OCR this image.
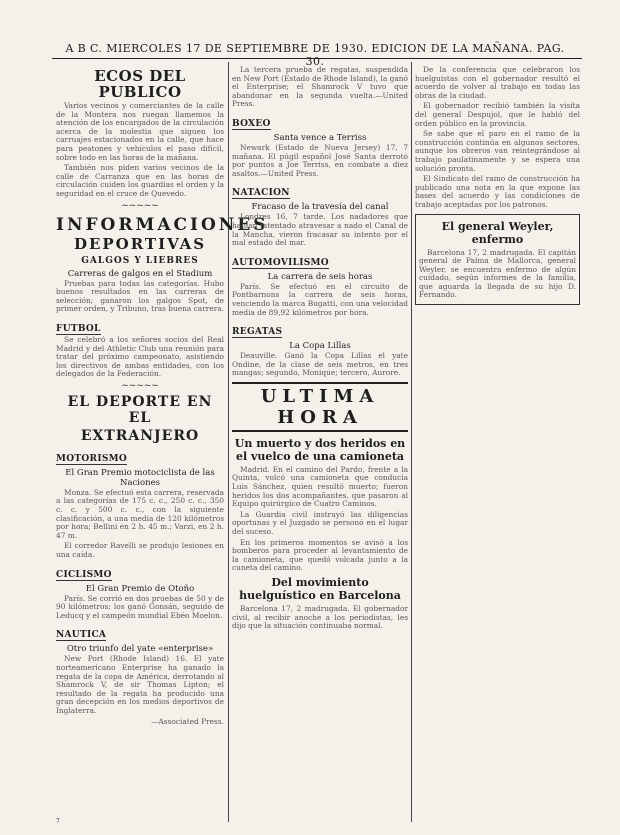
A B C. MIERCOLES 17 DE SEPTIEMBRE DE 1930. EDICION DE LA MAÑANA. PAG. 30.
ECOS DEL PUBLICO
Varios vecinos y comerciantes de la calle de la Montera nos ruegan llamemos la atención de los encargados de la circulación acerca de la molestia que siguen los carruajes estacionados en la calle, que hace para peatones y vehículos el paso difícil, sobre todo en las horas de la mañana.
También nos piden varios vecinos de la calle de Carranza que en las horas de circulación cuiden los guardias el orden y la seguridad en el cruce de Quevedo.
~~~~~
INFORMACIONES
DEPORTIVAS
GALGOS Y LIEBRES
Carreras de galgos en el Stadium
Pruebas para todas las categorías. Hubo buenos resultados en las carreras de selección; ganaron los galgos Spot, de primer orden, y Tribuno, tras buena carrera.
FUTBOL
Se celebró a los señores socios del Real Madrid y del Athletic Club una reunión para tratar del próximo campeonato, asistiendo los directivos de ambas entidades, con los delegados de la Federación.
~~~~~
EL DEPORTE EN EL
EXTRANJERO
MOTORISMO
El Gran Premio motociclista de las Naciones
Monza. Se efectuó esta carrera, reservada a las categorías de 175 c. c., 250 c. c., 350 c. c. y 500 c. c., con la siguiente clasificación, a una media de 120 kilómetros por hora; Bellini en 2 h. 45 m.; Varzi, en 2 h. 47 m.
El corredor Ravelli se produjo lesiones en una caída.
CICLISMO
El Gran Premio de Otoño
París. Se corrió en dos pruebas de 50 y de 90 kilómetros; los ganó Gonsán, seguido de Leducq y el campeón mundial Ebéo Moelon.
NAUTICA
Otro triunfo del yate «enterprise»
New Port (Rhode Island) 16. El yate norteamericano Enterprise ha ganado la regata de la copa de América, derrotando al Shamrock V, de sir Thomas Lipton; el resultado de la regata ha producido una gran decepción en los medios deportivos de Inglaterra.
—Associated Press.
La tercera prueba de regatas, suspendida en New Port (Estado de Rhode Island), la ganó el Enterprise; el Shamrock V tuvo que abandonar en la segunda vuelta.—United Press.
BOXEO
Santa vence a Terriss
Newark (Estado de Nueva Jersey) 17, 7 mañana. El púgil español José Santa derrotó por puntos a Joe Terriss, en combate a diez asaltos.—United Press.
NATACION
Fracaso de la travesía del canal
Londres 16, 7 tarde. Los nadadores que habían intentado atravesar a nado el Canal de la Mancha, vieron fracasar su intento por el mal estado del mar.
AUTOMOVILISMO
La carrera de seis horas
París. Se efectuó en el circuito de Pontbarnons la carrera de seis horas, venciendo la marca Bugatti, con una velocidad media de 89,92 kilómetros por hora.
REGATAS
La Copa Lillas
Deauville. Ganó la Copa Lillas el yate Ondine, de la clase de seis metros, en tres mangas; segundo, Monique; tercero, Aurore.
ULTIMA HORA
Un muerto y dos heridos en el vuelco de una camioneta
Madrid. En el camino del Pardo, frente a la Quinta, volcó una camioneta que conducía Luis Sánchez, quien resultó muerto; fueron heridos los dos acompañantes, que pasaron al Equipo quirúrgico de Cuatro Caminos.
La Guardia civil instruyó las diligencias oportunas y el Juzgado se personó en el lugar del suceso.
En los primeros momentos se avisó a los bomberos para proceder al levantamiento de la camioneta, que quedó volcada junto a la cuneta del camino.
Del movimiento huelguístico en Barcelona
Barcelona 17, 2 madrugada. El gobernador civil, al recibir anoche a los periodistas, les dijo que la situación continuaba normal.
De la conferencia que celebraron los huelguistas con el gobernador resultó el acuerdo de volver al trabajo en todas las obras de la ciudad.
El gobernador recibió también la visita del general Despujol, que le habló del orden público en la provincia.
Se sabe que el paro en el ramo de la construcción continúa en algunos sectores, aunque los obreros van reintegrándose al trabajo paulatinamente y se espera una solución pronta.
El Sindicato del ramo de construcción ha publicado una nota en la que expone las bases del acuerdo y las condiciones de trabajo aceptadas por los patronos.
El general Weyler, enfermo
Barcelona 17, 2 madrugada. El capitán general de Palma de Mallorca, general Weyler, se encuentra enfermo de algún cuidado, según informes de la familia, que aguarda la llegada de su hijo D. Fernando.
7
